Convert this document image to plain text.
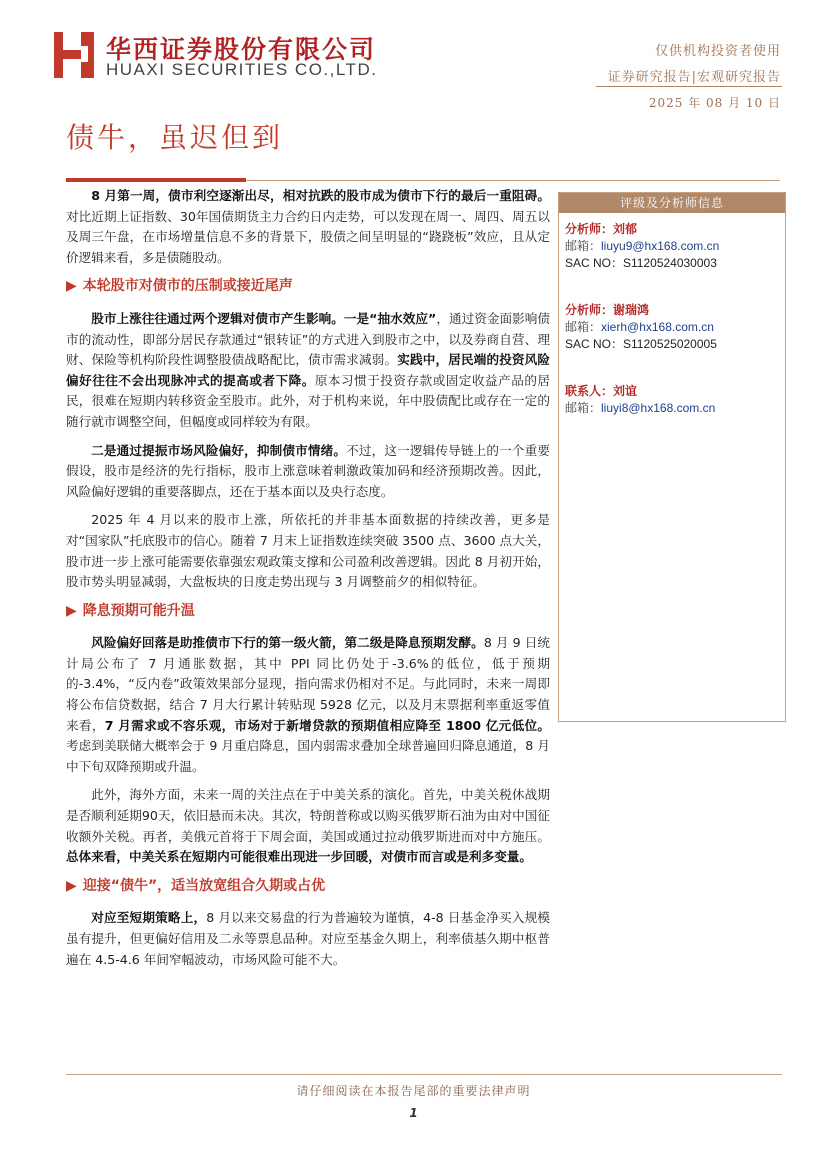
华西证券股份有限公司
HUAXI SECURITIES CO.,LTD.
仅供机构投资者使用
证券研究报告|宏观研究报告
2025 年 08 月 10 日
债牛，虽迟但到

8 月第一周，债市利空逐渐出尽，相对抗跌的股市成为债市下行的最后一重阻碍。对比近期上证指数、30年国债期货主力合约日内走势，可以发现在周一、周四、周五以及周三午盘，在市场增量信息不多的背景下，股债之间呈明显的“跷跷板”效应，且从定价逻辑来看，多是债随股动。

▶ 本轮股市对债市的压制或接近尾声

股市上涨往往通过两个逻辑对债市产生影响。一是“抽水效应”，通过资金面影响债市的流动性，即部分居民存款通过“银转证”的方式进入到股市之中，以及券商自营、理财、保险等机构阶段性调整股债战略配比，债市需求减弱。实践中，居民端的投资风险偏好往往不会出现脉冲式的提高或者下降。原本习惯于投资存款或固定收益产品的居民，很难在短期内转移资金至股市。此外，对于机构来说，年中股债配比或存在一定的随行就市调整空间，但幅度或同样较为有限。

二是通过提振市场风险偏好，抑制债市情绪。不过，这一逻辑传导链上的一个重要假设，股市是经济的先行指标，股市上涨意味着刺激政策加码和经济预期改善。因此，风险偏好逻辑的重要落脚点，还在于基本面以及央行态度。

2025 年 4 月以来的股市上涨，所依托的并非基本面数据的持续改善，更多是对“国家队”托底股市的信心。随着 7 月末上证指数连续突破 3500 点、3600 点大关，股市进一步上涨可能需要依靠强宏观政策支撑和公司盈利改善逻辑。因此 8 月初开始，股市势头明显减弱，大盘板块的日度走势出现与 3 月调整前夕的相似特征。

▶ 降息预期可能升温

风险偏好回落是助推债市下行的第一级火箭，第二级是降息预期发酵。8 月 9 日统计局公布了 7 月通胀数据，其中 PPI 同比仍处于-3.6%的低位，低于预期的-3.4%，“反内卷”政策效果部分显现，指向需求仍相对不足。与此同时，未来一周即将公布信贷数据，结合 7 月大行累计转贴现 5928 亿元，以及月末票据利率重返零值来看，7 月需求或不容乐观，市场对于新增贷款的预期值相应降至 1800 亿元低位。考虑到美联储大概率会于 9 月重启降息，国内弱需求叠加全球普遍回归降息通道，8 月中下旬双降预期或升温。

此外，海外方面，未来一周的关注点在于中美关系的演化。首先，中美关税休战期是否顺利延期90天，依旧悬而未决。其次，特朗普称或以购买俄罗斯石油为由对中国征收额外关税。再者，美俄元首将于下周会面，美国或通过拉动俄罗斯进而对中方施压。总体来看，中美关系在短期内可能很难出现进一步回暖，对债市而言或是利多变量。

▶ 迎接“债牛”，适当放宽组合久期或占优

对应至短期策略上，8 月以来交易盘的行为普遍较为谨慎，4-8 日基金净买入规模虽有提升，但更偏好信用及二永等票息品种。对应至基金久期上，利率债基久期中枢普遍在 4.5-4.6 年间窄幅波动，市场风险可能不大。

评级及分析师信息
分析师：刘郁
邮箱：liuyu9@hx168.com.cn
SAC NO：S1120524030003
分析师：谢瑞鸿
邮箱：xierh@hx168.com.cn
SAC NO：S1120525020005
联系人：刘谊
邮箱：liuyi8@hx168.com.cn
请仔细阅读在本报告尾部的重要法律声明
1
